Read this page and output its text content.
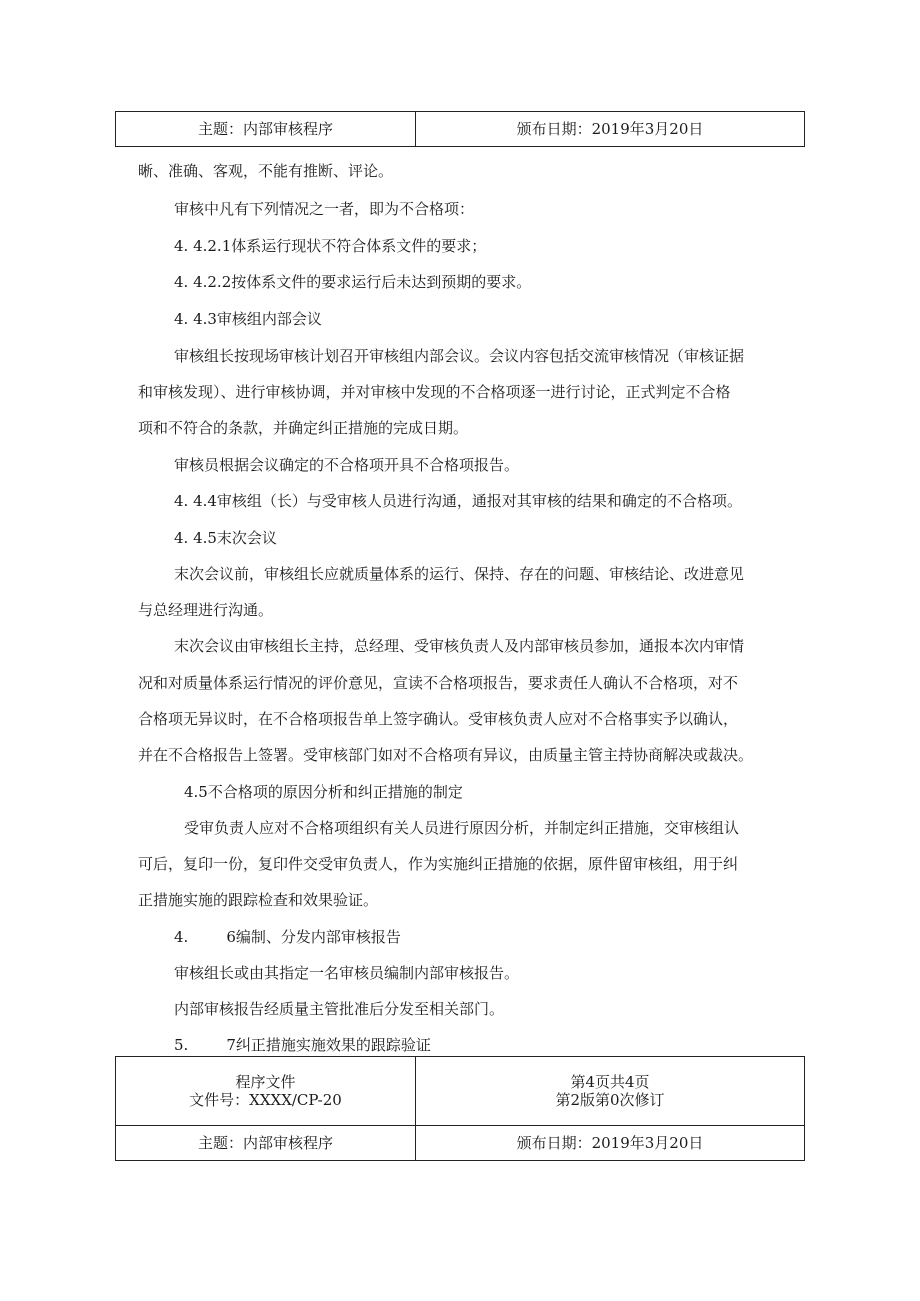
主题：内部审核程序	颁布日期：2019年3月20日

晰、准确、客观，不能有推断、评论。

审核中凡有下列情况之一者，即为不合格项：

4. 4.2.1体系运行现状不符合体系文件的要求；

4. 4.2.2按体系文件的要求运行后未达到预期的要求。

4. 4.3审核组内部会议

审核组长按现场审核计划召开审核组内部会议。会议内容包括交流审核情况（审核证据

和审核发现）、进行审核协调，并对审核中发现的不合格项逐一进行讨论，正式判定不合格

项和不符合的条款，并确定纠正措施的完成日期。

审核员根据会议确定的不合格项开具不合格项报告。

4. 4.4审核组（长）与受审核人员进行沟通，通报对其审核的结果和确定的不合格项。

4. 4.5末次会议

末次会议前，审核组长应就质量体系的运行、保持、存在的问题、审核结论、改进意见

与总经理进行沟通。

末次会议由审核组长主持，总经理、受审核负责人及内部审核员参加，通报本次内审情

况和对质量体系运行情况的评价意见，宣读不合格项报告，要求责任人确认不合格项，对不

合格项无异议时，在不合格项报告单上签字确认。受审核负责人应对不合格事实予以确认，

并在不合格报告上签署。受审核部门如对不合格项有异议，由质量主管主持协商解决或裁决。

4.5不合格项的原因分析和纠正措施的制定

受审负责人应对不合格项组织有关人员进行原因分析，并制定纠正措施，交审核组认

可后，复印一份，复印件交受审负责人，作为实施纠正措施的依据，原件留审核组，用于纠

正措施实施的跟踪检查和效果验证。

4.	6编制、分发内部审核报告

审核组长或由其指定一名审核员编制内部审核报告。

内部审核报告经质量主管批准后分发至相关部门。

5.	7纠正措施实施效果的跟踪验证

程序文件	第4页共4页
文件号：XXXX/CP-20	第2版第0次修订
主题：内部审核程序	颁布日期：2019年3月20日
